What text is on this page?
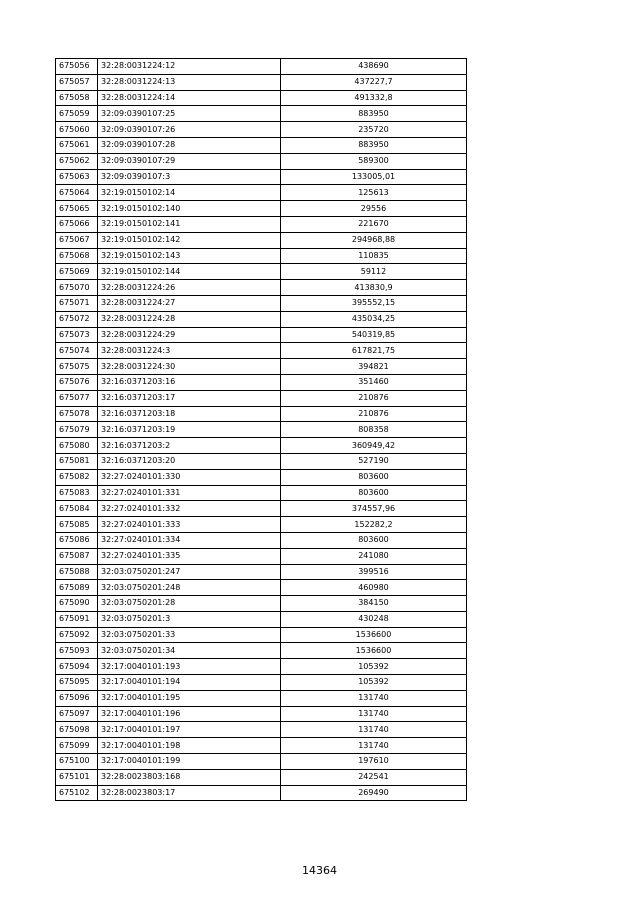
675056	32:28:0031224:12	438690
675057	32:28:0031224:13	437227,7
675058	32:28:0031224:14	491332,8
675059	32:09:0390107:25	883950
675060	32:09:0390107:26	235720
675061	32:09:0390107:28	883950
675062	32:09:0390107:29	589300
675063	32:09:0390107:3	133005,01
675064	32:19:0150102:14	125613
675065	32:19:0150102:140	29556
675066	32:19:0150102:141	221670
675067	32:19:0150102:142	294968,88
675068	32:19:0150102:143	110835
675069	32:19:0150102:144	59112
675070	32:28:0031224:26	413830,9
675071	32:28:0031224:27	395552,15
675072	32:28:0031224:28	435034,25
675073	32:28:0031224:29	540319,85
675074	32:28:0031224:3	617821,75
675075	32:28:0031224:30	394821
675076	32:16:0371203:16	351460
675077	32:16:0371203:17	210876
675078	32:16:0371203:18	210876
675079	32:16:0371203:19	808358
675080	32:16:0371203:2	360949,42
675081	32:16:0371203:20	527190
675082	32:27:0240101:330	803600
675083	32:27:0240101:331	803600
675084	32:27:0240101:332	374557,96
675085	32:27:0240101:333	152282,2
675086	32:27:0240101:334	803600
675087	32:27:0240101:335	241080
675088	32:03:0750201:247	399516
675089	32:03:0750201:248	460980
675090	32:03:0750201:28	384150
675091	32:03:0750201:3	430248
675092	32:03:0750201:33	1536600
675093	32:03:0750201:34	1536600
675094	32:17:0040101:193	105392
675095	32:17:0040101:194	105392
675096	32:17:0040101:195	131740
675097	32:17:0040101:196	131740
675098	32:17:0040101:197	131740
675099	32:17:0040101:198	131740
675100	32:17:0040101:199	197610
675101	32:28:0023803:168	242541
675102	32:28:0023803:17	269490
14364
